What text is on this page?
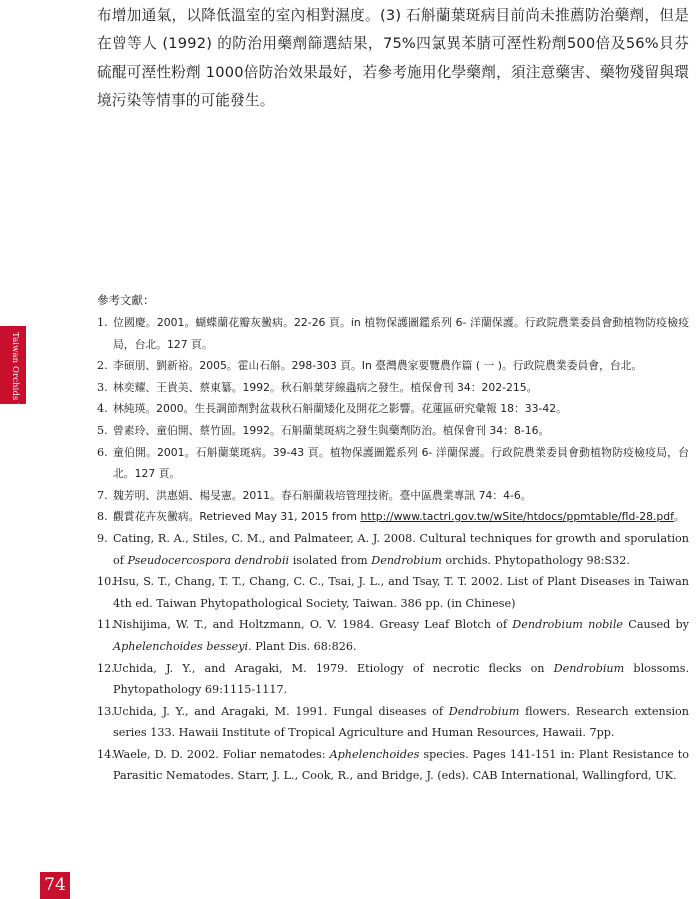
布增加通氣，以降低溫室的室內相對濕度。(3) 石斛蘭葉斑病目前尚未推薦防治藥劑，但是在曾等人 (1992) 的防治用藥劑篩選結果，75%四氯異苯腈可溼性粉劑500倍及56%貝芬硫醌可溼性粉劑 1000倍防治效果最好，若參考施用化學藥劑，須注意藥害、藥物殘留與環境污染等情事的可能發生。

參考文獻：
1. 位國慶。2001。蝴蝶蘭花瓣灰黴病。22-26 頁。in 植物保護圖鑑系列 6- 洋蘭保護。行政院農業委員會動植物防疫檢疫局，台北。127 頁。
2. 李碩朋、劉新裕。2005。霍山石斛。298-303 頁。In 臺灣農家要覽農作篇 ( 一 )。行政院農業委員會，台北。
3. 林奕耀、王貴美、蔡東纂。1992。秋石斛葉芽線蟲病之發生。植保會刊 34：202-215。
4. 林純瑛。2000。生長調節劑對盆栽秋石斛蘭矮化及開花之影響。花蓮區研究彙報 18：33-42。
5. 曾素玲、童伯開、蔡竹固。1992。石斛蘭葉斑病之發生與藥劑防治。植保會刊 34：8-16。
6. 童伯開。2001。石斛蘭葉斑病。39-43 頁。植物保護圖鑑系列 6- 洋蘭保護。行政院農業委員會動植物防疫檢疫局，台北。127 頁。
7. 魏芳明、洪惠娟、楊旻憲。2011。春石斛蘭栽培管理技術。臺中區農業專訊 74：4-6。
8. 觀賞花卉灰黴病。Retrieved May 31, 2015 from http://www.tactri.gov.tw/wSite/htdocs/ppmtable/fld-28.pdf。
9. Cating, R. A., Stiles, C. M., and Palmateer, A. J. 2008. Cultural techniques for growth and sporulation of Pseudocercospora dendrobii isolated from Dendrobium orchids. Phytopathology 98:S32.
10.
Hsu, S. T., Chang, T. T., Chang, C. C., Tsai, J. L., and Tsay, T. T. 2002. List of Plant Diseases in Taiwan 4th ed. Taiwan Phytopathological Society, Taiwan. 386 pp. (in Chinese)
11.
Nishijima, W. T., and Holtzmann, O. V. 1984. Greasy Leaf Blotch of Dendrobium nobile Caused by Aphelenchoides besseyi. Plant Dis. 68:826.
12.
Uchida, J. Y., and Aragaki, M. 1979. Etiology of necrotic flecks on Dendrobium blossoms. Phytopathology 69:1115-1117.
13.
Uchida, J. Y., and Aragaki, M. 1991. Fungal diseases of Dendrobium flowers. Research extension series 133. Hawaii Institute of Tropical Agriculture and Human Resources, Hawaii. 7pp.
14.
Waele, D. D. 2002. Foliar nematodes: Aphelenchoides species. Pages 141-151 in: Plant Resistance to Parasitic Nematodes. Starr, J. L., Cook, R., and Bridge, J. (eds). CAB International, Wallingford, UK.
Taiwan Orchids Vol.18
74
